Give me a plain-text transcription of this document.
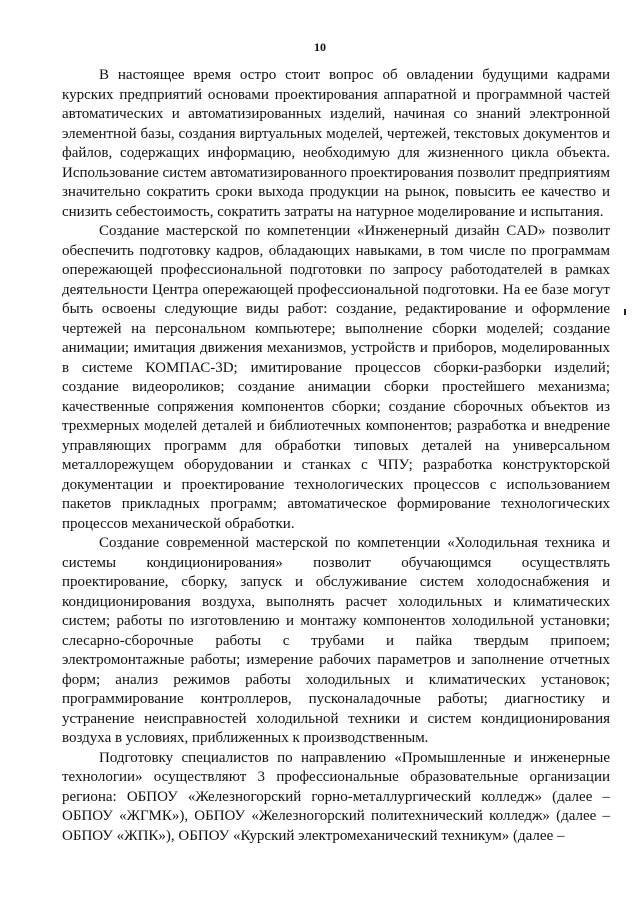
10

В настоящее время остро стоит вопрос об овладении будущими кадрами курских предприятий основами проектирования аппаратной и программной частей автоматических и автоматизированных изделий, начиная со знаний электронной элементной базы, создания виртуальных моделей, чертежей, текстовых документов и файлов, содержащих информацию, необходимую для жизненного цикла объекта. Использование систем автоматизированного проектирования позволит предприятиям значительно сократить сроки выхода продукции на рынок, повысить ее качество и снизить себестоимость, сократить затраты на натурное моделирование и испытания.

Создание мастерской по компетенции «Инженерный дизайн CAD» позволит обеспечить подготовку кадров, обладающих навыками, в том числе по программам опережающей профессиональной подготовки по запросу работодателей в рамках деятельности Центра опережающей профессиональной подготовки. На ее базе могут быть освоены следующие виды работ: создание, редактирование и оформление чертежей на персональном компьютере; выполнение сборки моделей; создание анимации; имитация движения механизмов, устройств и приборов, моделированных в системе КОМПАС-3D; имитирование процессов сборки-разборки изделий; создание видеороликов; создание анимации сборки простейшего механизма; качественные сопряжения компонентов сборки; создание сборочных объектов из трехмерных моделей деталей и библиотечных компонентов; разработка и внедрение управляющих программ для обработки типовых деталей на универсальном металлорежущем оборудовании и станках с ЧПУ; разработка конструкторской документации и проектирование технологических процессов с использованием пакетов прикладных программ; автоматическое формирование технологических процессов механической обработки.

Создание современной мастерской по компетенции «Холодильная техника и системы кондиционирования» позволит обучающимся осуществлять проектирование, сборку, запуск и обслуживание систем холодоснабжения и кондиционирования воздуха, выполнять расчет холодильных и климатических систем; работы по изготовлению и монтажу компонентов холодильной установки; слесарно-сборочные работы с трубами и пайка твердым припоем; электромонтажные работы; измерение рабочих параметров и заполнение отчетных форм; анализ режимов работы холодильных и климатических установок; программирование контроллеров, пусконаладочные работы; диагностику и устранение неисправностей холодильной техники и систем кондиционирования воздуха в условиях, приближенных к производственным.

Подготовку специалистов по направлению «Промышленные и инженерные технологии» осуществляют 3 профессиональные образовательные организации региона: ОБПОУ «Железногорский горно-металлургический колледж» (далее – ОБПОУ «ЖГМК»), ОБПОУ «Железногорский политехнический колледж» (далее – ОБПОУ «ЖПК»), ОБПОУ «Курский электромеханический техникум» (далее –
